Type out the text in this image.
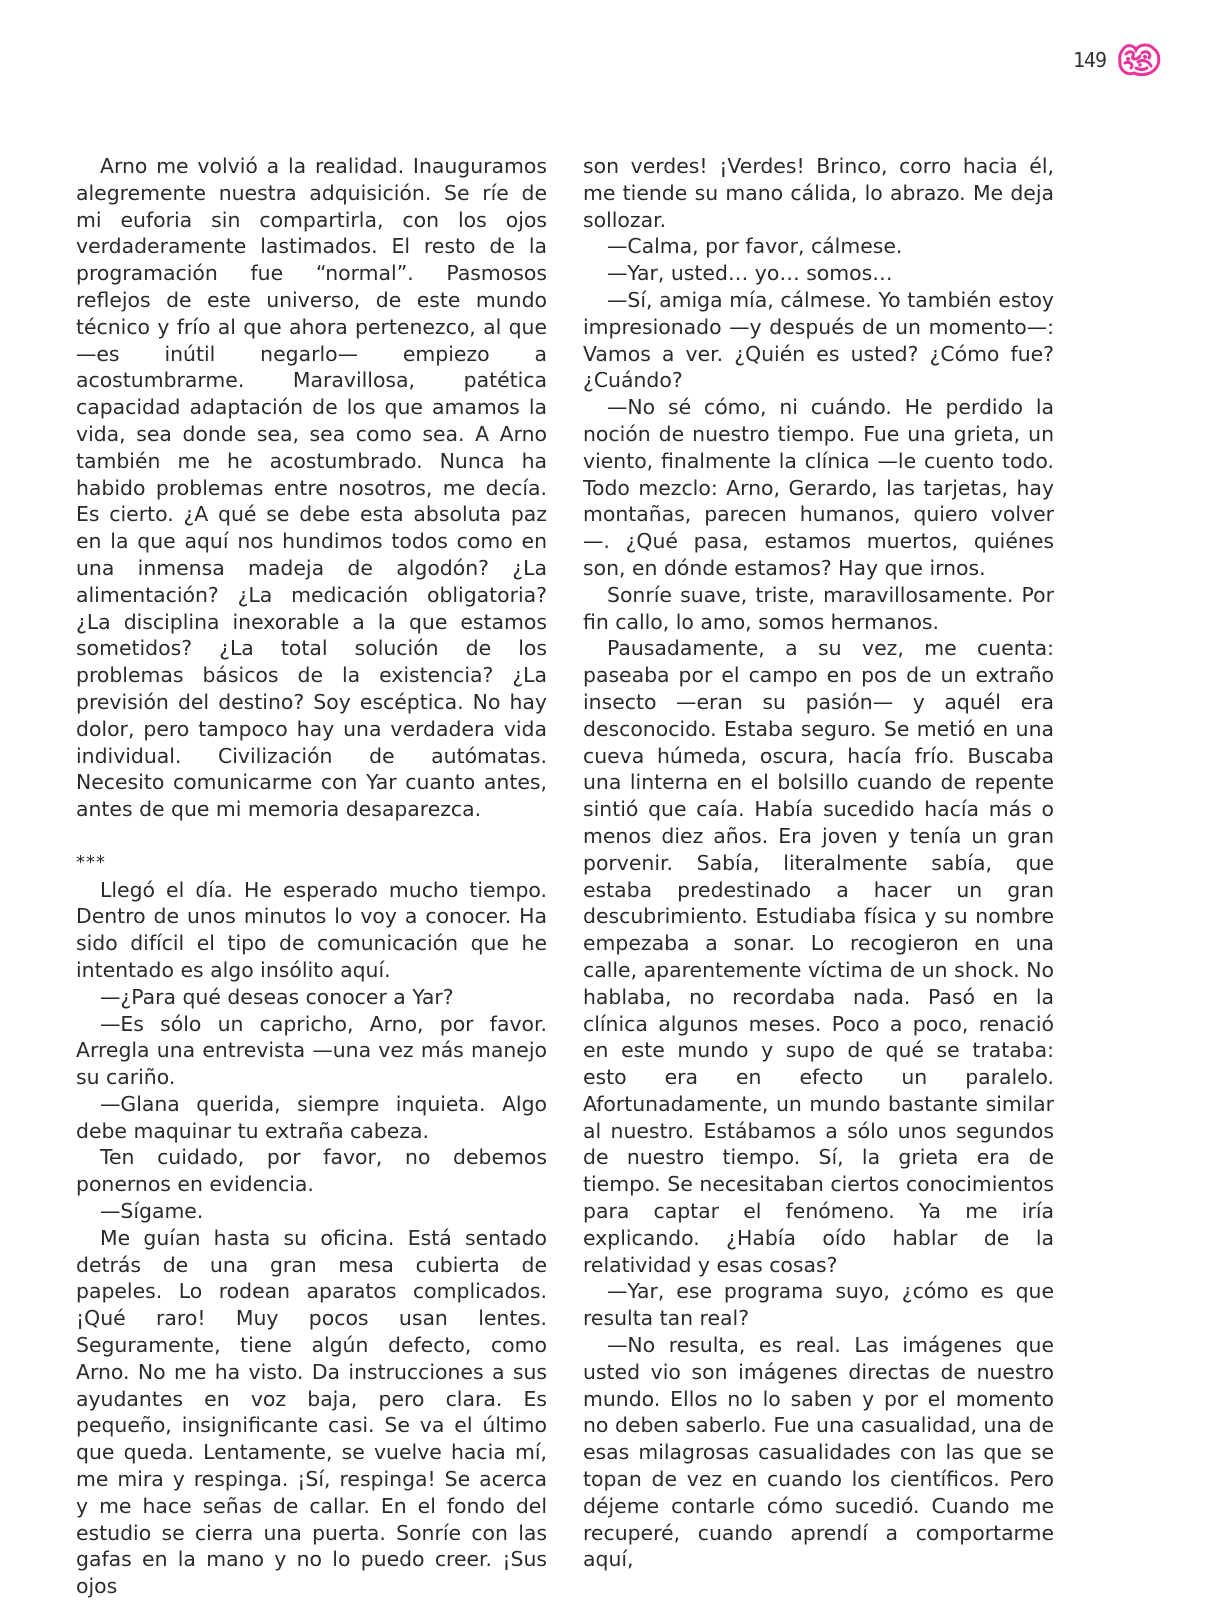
149

Arno me volvió a la realidad. Inauguramos alegremente nuestra adquisición. Se ríe de mi euforia sin compartirla, con los ojos verdaderamente lastimados. El resto de la programación fue “normal”. Pasmosos reflejos de este universo, de este mundo técnico y frío al que ahora pertenezco, al que —es inútil negarlo— empiezo a acostumbrarme. Maravillosa, patética capacidad adaptación de los que amamos la vida, sea donde sea, sea como sea. A Arno también me he acostumbrado. Nunca ha habido problemas entre nosotros, me decía. Es cierto. ¿A qué se debe esta absoluta paz en la que aquí nos hundimos todos como en una inmensa madeja de algodón? ¿La alimentación? ¿La medicación obligatoria? ¿La disciplina inexorable a la que estamos sometidos? ¿La total solución de los problemas básicos de la existencia? ¿La previsión del destino? Soy escéptica. No hay dolor, pero tampoco hay una verdadera vida individual. Civilización de autómatas. Necesito comunicarme con Yar cuanto antes, antes de que mi memoria desaparezca.

***

Llegó el día. He esperado mucho tiempo. Dentro de unos minutos lo voy a conocer. Ha sido difícil el tipo de comunicación que he intentado es algo insólito aquí.

—¿Para qué deseas conocer a Yar?

—Es sólo un capricho, Arno, por favor. Arregla una entrevista —una vez más manejo su cariño.

—Glana querida, siempre inquieta. Algo debe maquinar tu extraña cabeza.

Ten cuidado, por favor, no debemos ponernos en evidencia.

—Sígame.

Me guían hasta su oficina. Está sentado detrás de una gran mesa cubierta de papeles. Lo rodean aparatos complicados. ¡Qué raro! Muy pocos usan lentes. Seguramente, tiene algún defecto, como Arno. No me ha visto. Da instrucciones a sus ayudantes en voz baja, pero clara. Es pequeño, insignificante casi. Se va el último que queda. Lentamente, se vuelve hacia mí, me mira y respinga. ¡Sí, respinga! Se acerca y me hace señas de callar. En el fondo del estudio se cierra una puerta. Sonríe con las gafas en la mano y no lo puedo creer. ¡Sus ojos

son verdes! ¡Verdes! Brinco, corro hacia él, me tiende su mano cálida, lo abrazo. Me deja sollozar.

—Calma, por favor, cálmese.

—Yar, usted… yo… somos…

—Sí, amiga mía, cálmese. Yo también estoy impresionado —y después de un momento—: Vamos a ver. ¿Quién es usted? ¿Cómo fue? ¿Cuándo?

—No sé cómo, ni cuándo. He perdido la noción de nuestro tiempo. Fue una grieta, un viento, finalmente la clínica —le cuento todo. Todo mezclo: Arno, Gerardo, las tarjetas, hay montañas, parecen humanos, quiero volver—. ¿Qué pasa, estamos muertos, quiénes son, en dónde estamos? Hay que irnos.

Sonríe suave, triste, maravillosamente. Por fin callo, lo amo, somos hermanos.

Pausadamente, a su vez, me cuenta: paseaba por el campo en pos de un extraño insecto —eran su pasión— y aquél era desconocido. Estaba seguro. Se metió en una cueva húmeda, oscura, hacía frío. Buscaba una linterna en el bolsillo cuando de repente sintió que caía. Había sucedido hacía más o menos diez años. Era joven y tenía un gran porvenir. Sabía, literalmente sabía, que estaba predestinado a hacer un gran descubrimiento. Estudiaba física y su nombre empezaba a sonar. Lo recogieron en una calle, aparentemente víctima de un shock. No hablaba, no recordaba nada. Pasó en la clínica algunos meses. Poco a poco, renació en este mundo y supo de qué se trataba: esto era en efecto un paralelo. Afortunadamente, un mundo bastante similar al nuestro. Estábamos a sólo unos segundos de nuestro tiempo. Sí, la grieta era de tiempo. Se necesitaban ciertos conocimientos para captar el fenómeno. Ya me iría explicando. ¿Había oído hablar de la relatividad y esas cosas?

—Yar, ese programa suyo, ¿cómo es que resulta tan real?

—No resulta, es real. Las imágenes que usted vio son imágenes directas de nuestro mundo. Ellos no lo saben y por el momento no deben saberlo. Fue una casualidad, una de esas milagrosas casualidades con las que se topan de vez en cuando los científicos. Pero déjeme contarle cómo sucedió. Cuando me recuperé, cuando aprendí a comportarme aquí,
